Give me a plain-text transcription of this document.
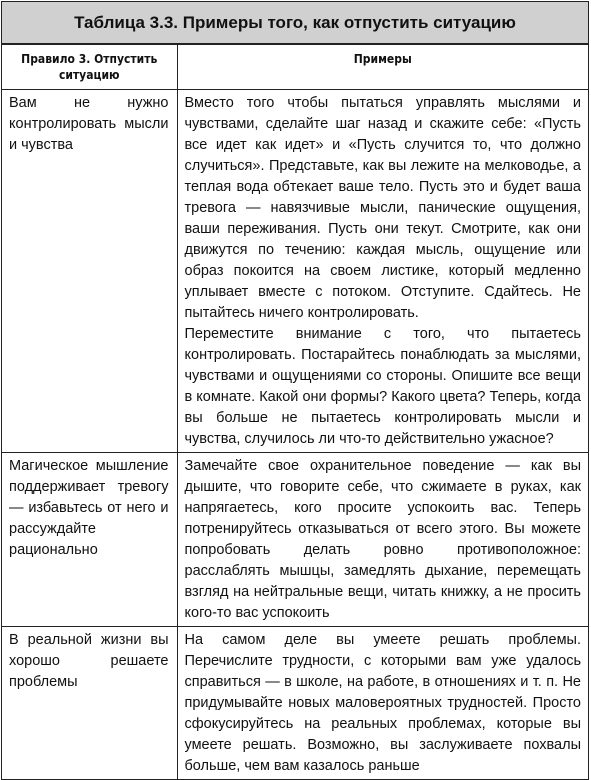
Таблица 3.3. Примеры того, как отпустить ситуацию
Правило 3. Отпустить ситуацию	Примеры
Вам не нужно контролировать мысли и чувства	Вместо того чтобы пытаться управлять мыслями и чувствами, сделайте шаг назад и скажите себе: «Пусть все идет как идет» и «Пусть случится то, что должно случиться». Представьте, как вы лежите на мелководье, а теплая вода обтекает ваше тело. Пусть это и будет ваша тревога — навязчивые мысли, панические ощущения, ваши переживания. Пусть они текут. Смотрите, как они движутся по течению: каждая мысль, ощущение или образ покоится на своем листике, который медленно уплывает вместе с потоком. Отступите. Сдайтесь. Не пытайтесь ничего контролировать.

Переместите внимание с того, что пытаетесь контролировать. Постарайтесь понаблюдать за мыслями, чувствами и ощущениями со стороны. Опишите все вещи в комнате. Какой они формы? Какого цвета? Теперь, когда вы больше не пытаетесь контролировать мысли и чувства, случилось ли что-то действительно ужасное?

Магическое мышление поддерживает тревогу — избавьтесь от него и рассуждайте рационально	Замечайте свое охранительное поведение — как вы дышите, что говорите себе, что сжимаете в руках, как напрягаетесь, кого просите успокоить вас. Теперь потренируйтесь отказываться от всего этого. Вы можете попробовать делать ровно противоположное: расслаблять мышцы, замедлять дыхание, перемещать взгляд на нейтральные вещи, читать книжку, а не просить кого-то вас успокоить

В реальной жизни вы хорошо решаете проблемы	На самом деле вы умеете решать проблемы. Перечислите трудности, с которыми вам уже удалось справиться — в школе, на работе, в отношениях и т. п. Не придумывайте новых маловероятных трудностей. Просто сфокусируйтесь на реальных проблемах, которые вы умеете решать. Возможно, вы заслуживаете похвалы больше, чем вам казалось раньше
